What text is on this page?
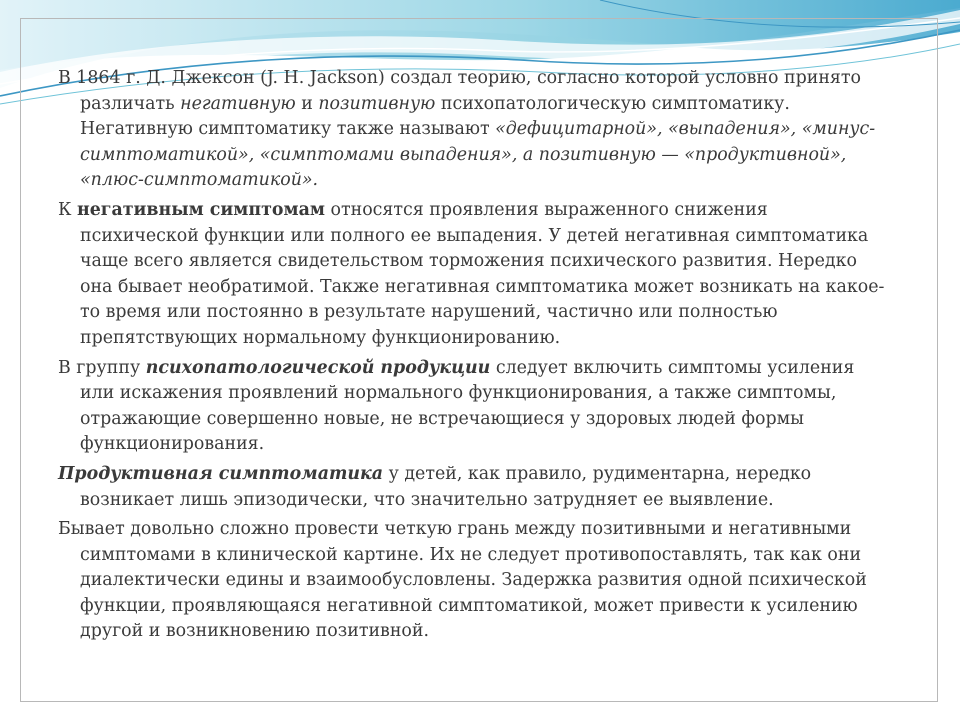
В 1864 г. Д. Джексон (J. H. Jackson) создал теорию, согласно которой условно принято различать негативную и позитивную психопатологическую симптоматику. Негативную симптоматику также называют «дефицитарной», «выпадения», «минус-симптоматикой», «симптомами выпадения», а позитивную — «продуктивной», «плюс-симптоматикой».

К негативным симптомам относятся проявления выраженного снижения психической функции или полного ее выпадения. У детей негативная симптоматика чаще всего является свидетельством торможения психического развития. Нередко она бывает необратимой. Также негативная симптоматика может возникать на какое-то время или постоянно в результате нарушений, частично или полностью препятствующих нормальному функционированию.

В группу психопатологической продукции следует включить симптомы усиления или искажения проявлений нормального функционирования, а также симптомы, отражающие совершенно новые, не встречающиеся у здоровых людей формы функционирования.

Продуктивная симптоматика у детей, как правило, рудиментарна, нередко возникает лишь эпизодически, что значительно затрудняет ее выявление.

Бывает довольно сложно провести четкую грань между позитивными и негативными симптомами в клинической картине. Их не следует противопоставлять, так как они диалектически едины и взаимообусловлены. Задержка развития одной психической функции, проявляющаяся негативной симптоматикой, может привести к усилению другой и возникновению позитивной.
